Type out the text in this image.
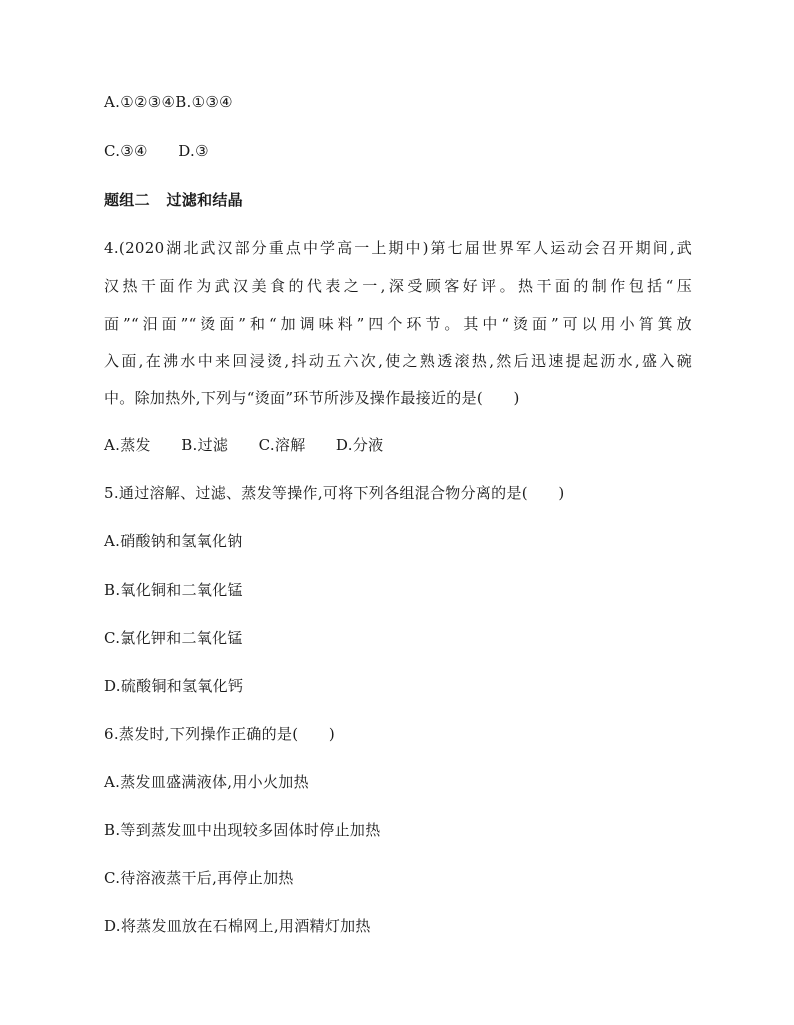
A.①②③④B.①③④
C.③④      D.③
题组二   过滤和结晶
4.(2020湖北武汉部分重点中学高一上期中)第七届世界军人运动会召开期间,武
汉热干面作为武汉美食的代表之一,深受顾客好评。热干面的制作包括“压
面”“汨面”“烫面”和“加调味料”四个环节。其中“烫面”可以用小筲箕放
入面,在沸水中来回浸烫,抖动五六次,使之熟透滚热,然后迅速提起沥水,盛入碗
中。除加热外,下列与“烫面”环节所涉及操作最接近的是(      )
A.蒸发      B.过滤      C.溶解      D.分液
5.通过溶解、过滤、蒸发等操作,可将下列各组混合物分离的是(      )
A.硝酸钠和氢氧化钠
B.氧化铜和二氧化锰
C.氯化钾和二氧化锰
D.硫酸铜和氢氧化钙
6.蒸发时,下列操作正确的是(      )
A.蒸发皿盛满液体,用小火加热
B.等到蒸发皿中出现较多固体时停止加热
C.待溶液蒸干后,再停止加热
D.将蒸发皿放在石棉网上,用酒精灯加热
